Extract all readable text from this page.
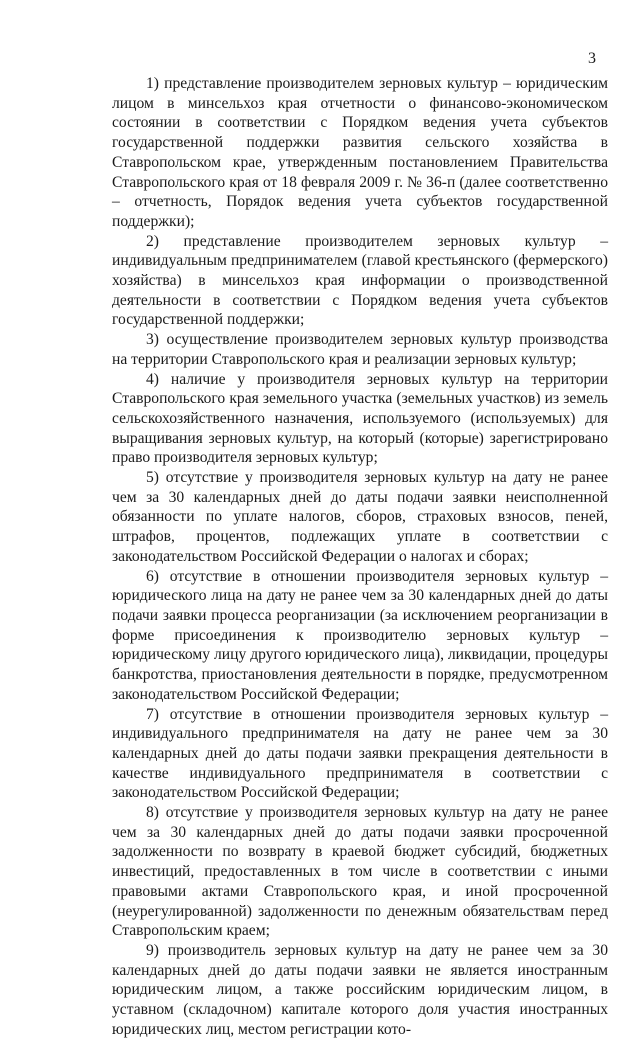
3

1) представление производителем зерновых культур – юридическим лицом в минсельхоз края отчетности о финансово-экономическом состоянии в соответствии с Порядком ведения учета субъектов государственной поддержки развития сельского хозяйства в Ставропольском крае, утвержденным постановлением Правительства Ставропольского края от 18 февраля 2009 г. № 36-п (далее соответственно – отчетность, Порядок ведения учета субъектов государственной поддержки);

2) представление производителем зерновых культур – индивидуальным предпринимателем (главой крестьянского (фермерского) хозяйства) в минсельхоз края информации о производственной деятельности в соответствии с Порядком ведения учета субъектов государственной поддержки;

3) осуществление производителем зерновых культур производства на территории Ставропольского края и реализации зерновых культур;

4) наличие у производителя зерновых культур на территории Ставропольского края земельного участка (земельных участков) из земель сельскохозяйственного назначения, используемого (используемых) для выращивания зерновых культур, на который (которые) зарегистрировано право производителя зерновых культур;

5) отсутствие у производителя зерновых культур на дату не ранее чем за 30 календарных дней до даты подачи заявки неисполненной обязанности по уплате налогов, сборов, страховых взносов, пеней, штрафов, процентов, подлежащих уплате в соответствии с законодательством Российской Федерации о налогах и сборах;

6) отсутствие в отношении производителя зерновых культур – юридического лица на дату не ранее чем за 30 календарных дней до даты подачи заявки процесса реорганизации (за исключением реорганизации в форме присоединения к производителю зерновых культур – юридическому лицу другого юридического лица), ликвидации, процедуры банкротства, приостановления деятельности в порядке, предусмотренном законодательством Российской Федерации;

7) отсутствие в отношении производителя зерновых культур – индивидуального предпринимателя на дату не ранее чем за 30 календарных дней до даты подачи заявки прекращения деятельности в качестве индивидуального предпринимателя в соответствии с законодательством Российской Федерации;

8) отсутствие у производителя зерновых культур на дату не ранее чем за 30 календарных дней до даты подачи заявки просроченной задолженности по возврату в краевой бюджет субсидий, бюджетных инвестиций, предоставленных в том числе в соответствии с иными правовыми актами Ставропольского края, и иной просроченной (неурегулированной) задолженности по денежным обязательствам перед Ставропольским краем;

9) производитель зерновых культур на дату не ранее чем за 30 календарных дней до даты подачи заявки не является иностранным юридическим лицом, а также российским юридическим лицом, в уставном (складочном) капитале которого доля участия иностранных юридических лиц, местом регистрации кото-
